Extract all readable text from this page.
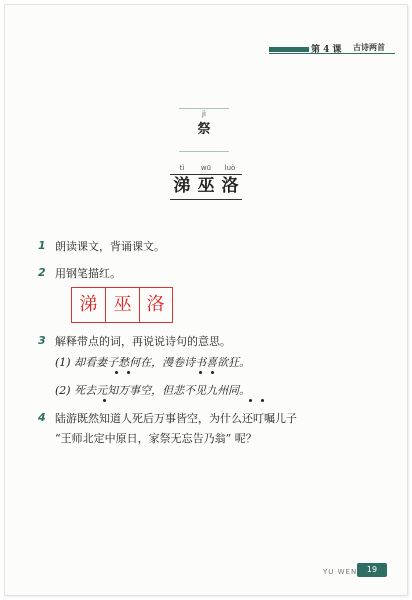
第 4 课 古诗两首
jì
祭
tì	wū	luò
涕 巫 洛
1 朗读课文，背诵课文。
2 用钢笔描红。
涕 巫 洛
3 解释带点的词，再说说诗句的意思。
(1) 却看妻子愁何在，漫卷诗书喜欲狂。
(2) 死去元知万事空，但悲不见九州同。
4 陆游既然知道人死后万事皆空，为什么还叮嘱儿子
“王师北定中原日，家祭无忘告乃翁” 呢？
YU WEN	19
